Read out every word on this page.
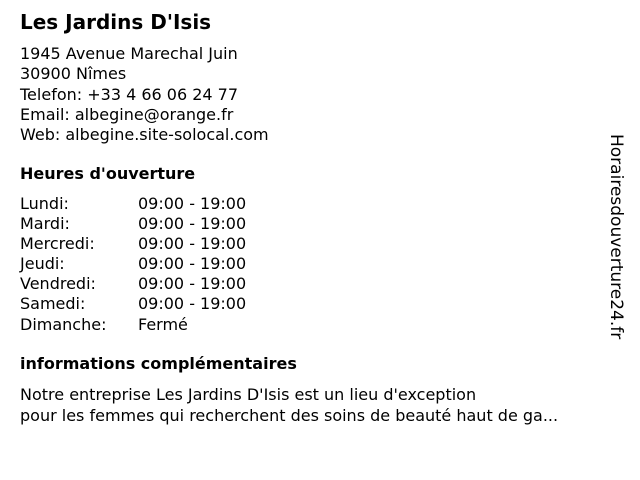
Les Jardins D'Isis
1945 Avenue Marechal Juin
30900 Nîmes
Telefon: +33 4 66 06 24 77
Email: albegine@orange.fr
Web: albegine.site-solocal.com
Heures d'ouverture
Lundi:	09:00 - 19:00
Mardi:	09:00 - 19:00
Mercredi:	09:00 - 19:00
Jeudi:	09:00 - 19:00
Vendredi:	09:00 - 19:00
Samedi:	09:00 - 19:00
Dimanche:	Fermé
informations complémentaires
Notre entreprise Les Jardins D'Isis est un lieu d'exception
pour les femmes qui recherchent des soins de beauté haut de ga...
Horairesdouverture24.fr
